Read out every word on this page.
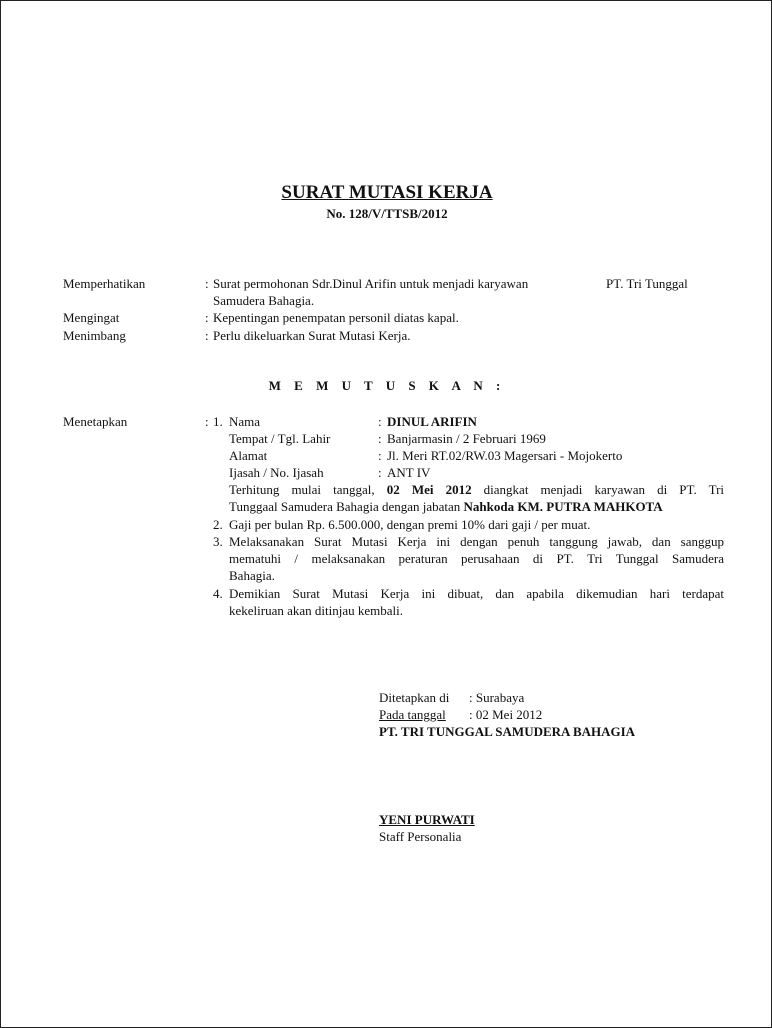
SURAT MUTASI KERJA
No. 128/V/TTSB/2012
Memperhatikan	: Surat permohonan Sdr.Dinul Arifin untuk menjadi karyawan	PT. Tri Tunggal
Samudera Bahagia.
Mengingat	: Kepentingan penempatan personil diatas kapal.
Menimbang	: Perlu dikeluarkan Surat Mutasi Kerja.
M E M U T U S K A N :
Menetapkan	: 1. Nama	: DINUL ARIFIN
Tempat / Tgl. Lahir	: Banjarmasin / 2 Februari 1969
Alamat	: Jl. Meri RT.02/RW.03 Magersari - Mojokerto
Ijasah / No. Ijasah	: ANT IV
Terhitung mulai tanggal, 02 Mei 2012 diangkat menjadi karyawan di PT. Tri
Tunggaal Samudera Bahagia dengan jabatan Nahkoda KM. PUTRA MAHKOTA
2. Gaji per bulan Rp. 6.500.000, dengan premi 10% dari gaji / per muat.
3. Melaksanakan Surat Mutasi Kerja ini dengan penuh tanggung jawab, dan sanggup
mematuhi / melaksanakan peraturan perusahaan di PT. Tri Tunggal Samudera
Bahagia.
4. Demikian Surat Mutasi Kerja ini dibuat, dan apabila dikemudian hari terdapat
kekeliruan akan ditinjau kembali.
Ditetapkan di : Surabaya
Pada tanggal : 02 Mei 2012
PT. TRI TUNGGAL SAMUDERA BAHAGIA
YENI PURWATI
Staff Personalia
